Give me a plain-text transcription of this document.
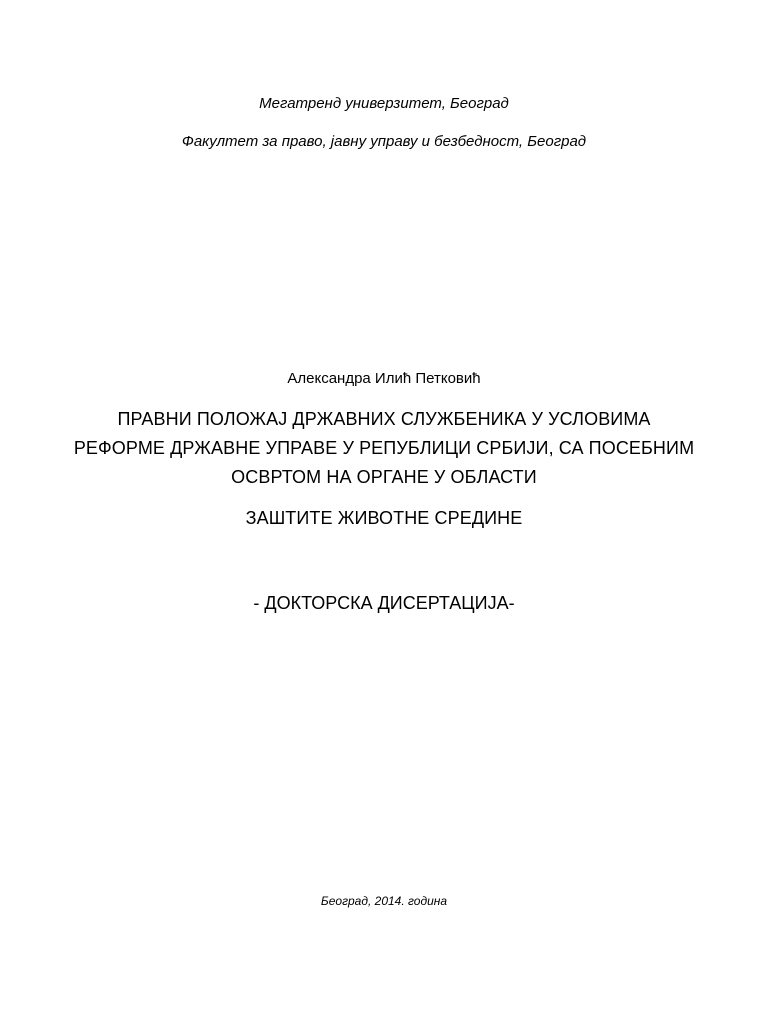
Мегатренд универзитет, Београд
Факултет за право, јавну управу и безбедност, Београд
Александра Илић Петковић
ПРАВНИ ПОЛОЖАЈ ДРЖАВНИХ СЛУЖБЕНИКА У УСЛОВИМА
РЕФОРМЕ ДРЖАВНЕ УПРАВЕ У РЕПУБЛИЦИ СРБИЈИ, СА ПОСЕБНИМ
ОСВРТОМ НА ОРГАНЕ У ОБЛАСТИ
ЗАШТИТЕ ЖИВОТНЕ СРЕДИНЕ
- ДОКТОРСКА ДИСЕРТАЦИЈА-
Београд, 2014. година
